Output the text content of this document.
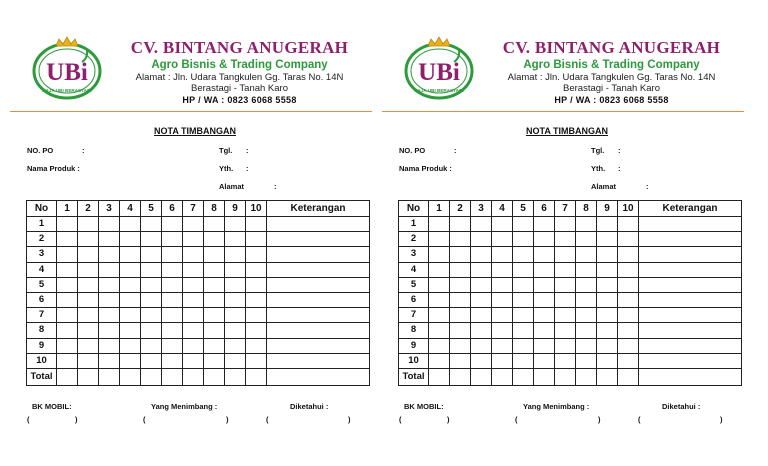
UBi
RAJA UBI BERASTAGI
CV. BINTANG ANUGERAH
Agro Bisnis & Trading Company
Alamat : Jln. Udara Tangkulen Gg. Taras No. 14N
Berastagi - Tanah Karo
HP / WA : 0823 6068 5558
NOTA TIMBANGAN
NO. PO	:
Nama Produk :
Tgl. :
Yth. :
Alamat	:
No	1	2	3	4	5	6	7	8	9	10	Keterangan
1											
2											
3											
4											
5											
6											
7											
8											
9											
10											
Total											
BK MOBIL:	Yang Menimbang :	Diketahui :
(	)	(	)	(	)
UBi
RAJA UBI BERASTAGI
CV. BINTANG ANUGERAH
Agro Bisnis & Trading Company
Alamat : Jln. Udara Tangkulen Gg. Taras No. 14N
Berastagi - Tanah Karo
HP / WA : 0823 6068 5558
NOTA TIMBANGAN
NO. PO	:
Nama Produk :
Tgl. :
Yth. :
Alamat	:
No	1	2	3	4	5	6	7	8	9	10	Keterangan
1											
2											
3											
4											
5											
6											
7											
8											
9											
10											
Total											
BK MOBIL:	Yang Menimbang :	Diketahui :
(	)	(	)	(	)
